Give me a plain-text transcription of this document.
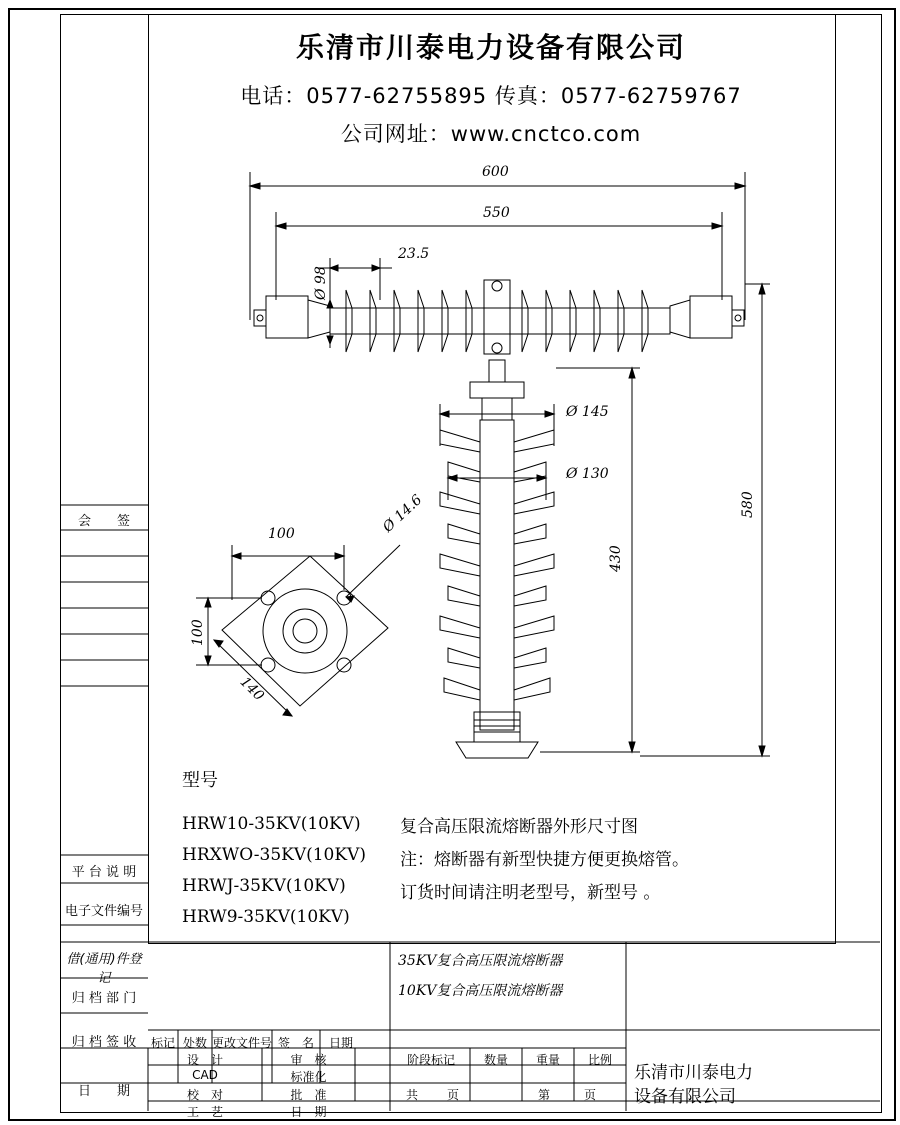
乐清市川泰电力设备有限公司
电话：0577-62755895 传真：0577-62759767
公司网址：www.cnctco.com
600
550
23.5
Ø 98
Ø 145
Ø 130
430
580
100
100
140
Ø 14.6
型号
HRW10-35KV(10KV)
HRXWO-35KV(10KV)
HRWJ-35KV(10KV)
HRW9-35KV(10KV)
复合高压限流熔断器外形尺寸图
注：熔断器有新型快捷方便更换熔管。
订货时间请注明老型号，新型号 。
会　　签
平 台 说 明
电子文件编号
借(通用)件登记
归 档 部 门
归 档 签 收
日　　期
35KV复合高压限流熔断器
10KV复合高压限流熔断器
标记 处数 更改文件号 签　名	日期
设　计	审　核
CAD	标准化
校　对	批　准
工　艺	日　期
阶段标记	数量	重量	比例
共	页	第	页
乐清市川泰电力
设备有限公司
